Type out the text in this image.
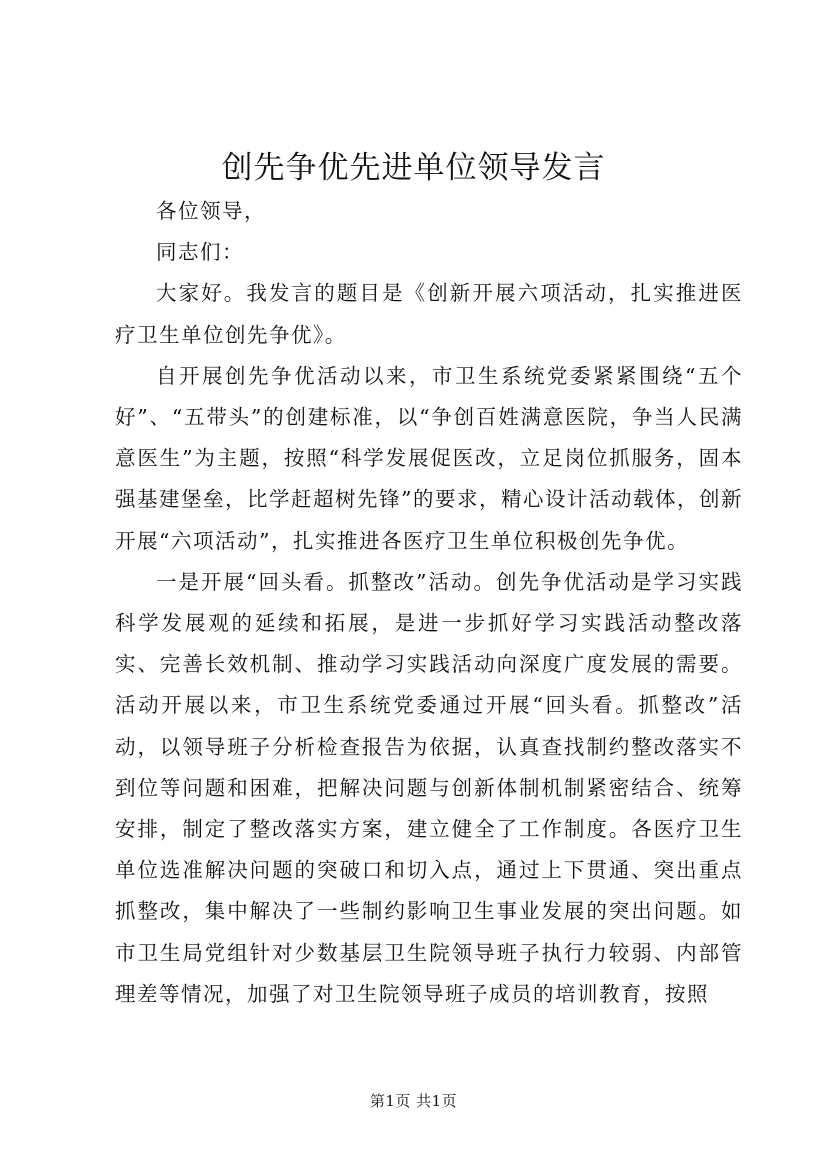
创先争优先进单位领导发言

各位领导，

同志们：

大家好。我发言的题目是《创新开展六项活动，扎实推进医疗卫生单位创先争优》。

自开展创先争优活动以来，市卫生系统党委紧紧围绕“五个好”、“五带头”的创建标准，以“争创百姓满意医院，争当人民满意医生”为主题，按照“科学发展促医改，立足岗位抓服务，固本强基建堡垒，比学赶超树先锋”的要求，精心设计活动载体，创新开展“六项活动”，扎实推进各医疗卫生单位积极创先争优。

一是开展“回头看。抓整改”活动。创先争优活动是学习实践科学发展观的延续和拓展，是进一步抓好学习实践活动整改落实、完善长效机制、推动学习实践活动向深度广度发展的需要。活动开展以来，市卫生系统党委通过开展“回头看。抓整改”活动，以领导班子分析检查报告为依据，认真查找制约整改落实不到位等问题和困难，把解决问题与创新体制机制紧密结合、统筹安排，制定了整改落实方案，建立健全了工作制度。各医疗卫生单位选准解决问题的突破口和切入点，通过上下贯通、突出重点抓整改，集中解决了一些制约影响卫生事业发展的突出问题。如市卫生局党组针对少数基层卫生院领导班子执行力较弱、内部管理差等情况，加强了对卫生院领导班子成员的培训教育，按照

第1页 共1页
